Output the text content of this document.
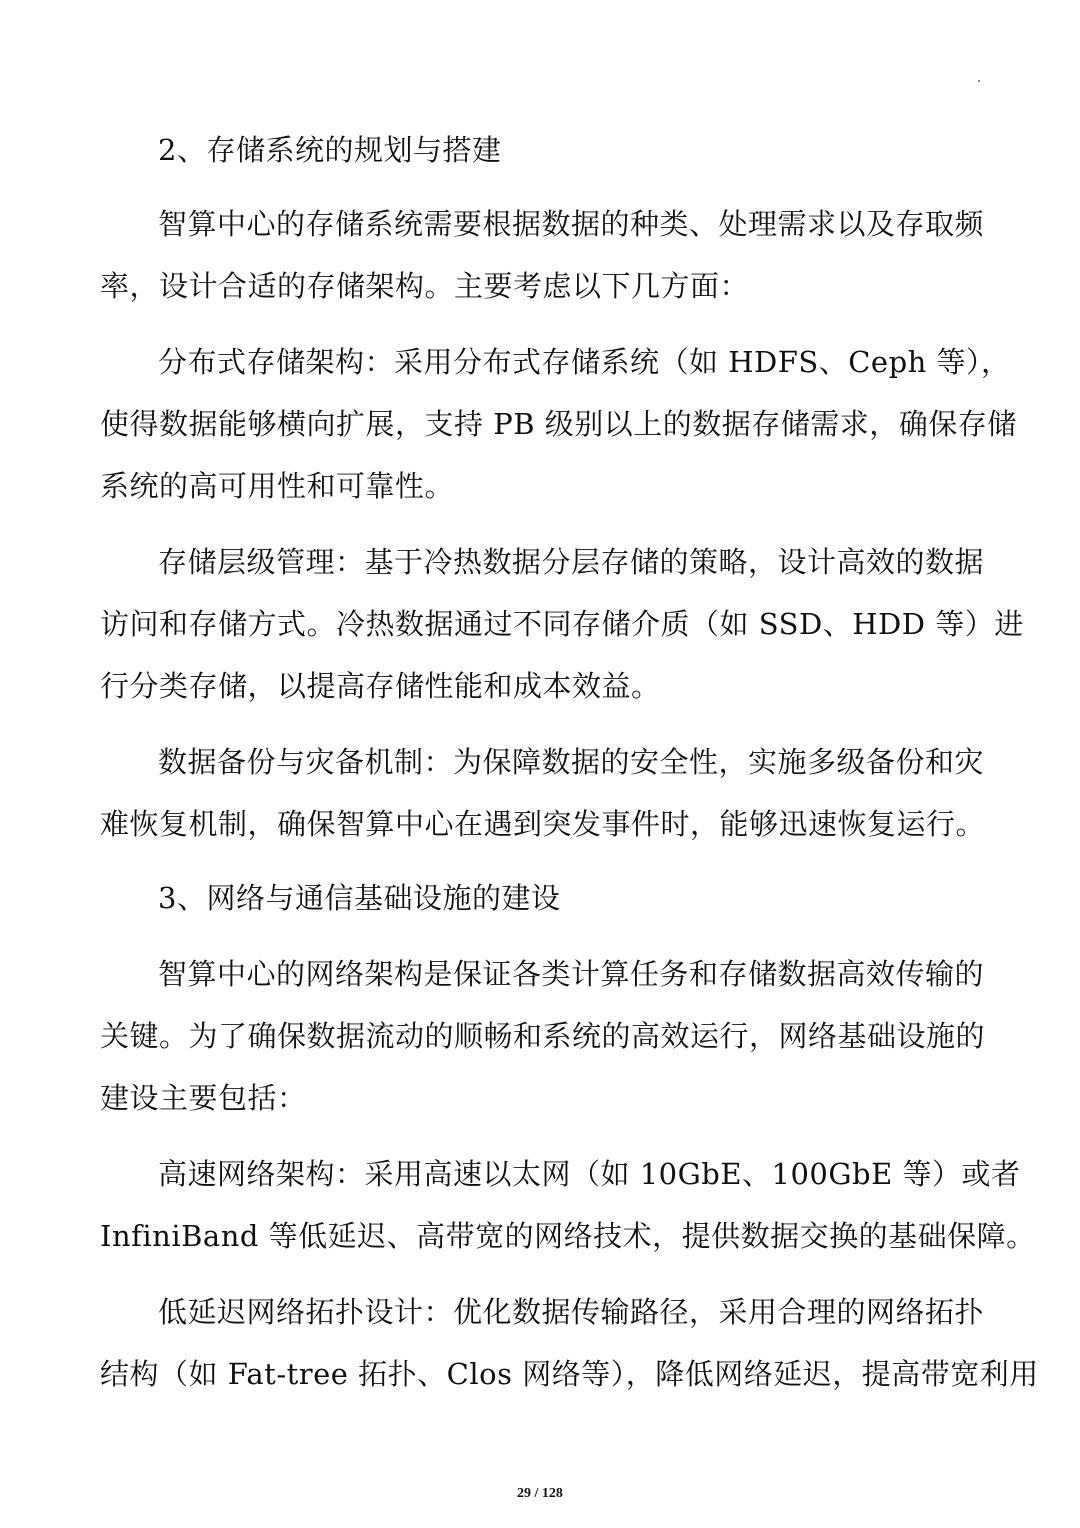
2、存储系统的规划与搭建
智算中心的存储系统需要根据数据的种类、处理需求以及存取频
率，设计合适的存储架构。主要考虑以下几方面：
分布式存储架构：采用分布式存储系统（如 HDFS、Ceph 等），
使得数据能够横向扩展，支持 PB 级别以上的数据存储需求，确保存储
系统的高可用性和可靠性。
存储层级管理：基于冷热数据分层存储的策略，设计高效的数据
访问和存储方式。冷热数据通过不同存储介质（如 SSD、HDD 等）进
行分类存储，以提高存储性能和成本效益。
数据备份与灾备机制：为保障数据的安全性，实施多级备份和灾
难恢复机制，确保智算中心在遇到突发事件时，能够迅速恢复运行。
3、网络与通信基础设施的建设
智算中心的网络架构是保证各类计算任务和存储数据高效传输的
关键。为了确保数据流动的顺畅和系统的高效运行，网络基础设施的
建设主要包括：
高速网络架构：采用高速以太网（如 10GbE、100GbE 等）或者
InfiniBand 等低延迟、高带宽的网络技术，提供数据交换的基础保障。
低延迟网络拓扑设计：优化数据传输路径，采用合理的网络拓扑
结构（如 Fat-tree 拓扑、Clos 网络等），降低网络延迟，提高带宽利用
29 / 128
